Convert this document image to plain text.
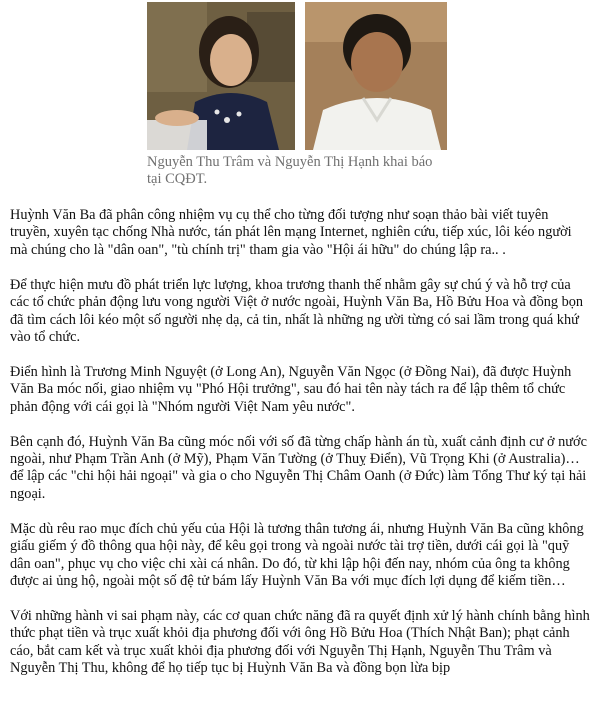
Nguyễn Thu Trâm và Nguyễn Thị Hạnh khai báo tại CQĐT.

Huỳnh Văn Ba đã phân công nhiệm vụ cụ thể cho từng đối tượng như soạn thảo bài viết tuyên truyền, xuyên tạc chống Nhà nước, tán phát lên mạng Internet, nghiên cứu, tiếp xúc, lôi kéo người mà chúng cho là "dân oan", "tù chính trị" tham gia vào "Hội ái hữu" do chúng lập ra.. .

Để thực hiện mưu đồ phát triển lực lượng, khoa trương thanh thế nhằm gây sự chú ý và hỗ trợ của các tổ chức phản động lưu vong người Việt ở nước ngoài, Huỳnh Văn Ba, Hồ Bửu Hoa và đồng bọn đã tìm cách lôi kéo một số người nhẹ dạ, cả tin, nhất là những ng ười từng có sai lầm trong quá khứ vào tổ chức.

Điển hình là Trương Minh Nguyệt (ở Long An), Nguyễn Văn Ngọc (ở Đồng Nai), đã được Huỳnh Văn Ba móc nối, giao nhiệm vụ "Phó Hội trưởng", sau đó hai tên này tách ra để lập thêm tổ chức phản động với cái gọi là "Nhóm người Việt Nam yêu nước".

Bên cạnh đó, Huỳnh Văn Ba cũng móc nối với số đã từng chấp hành án tù, xuất cảnh định cư ở nước ngoài, như Phạm Trần Anh (ở Mỹ), Phạm Văn Tường (ở Thuỵ Điển), Vũ Trọng Khi (ở Australia)… để lập các "chi hội hải ngoại" và gia o cho Nguyễn Thị Châm Oanh (ở Đức) làm Tổng Thư ký tại hải ngoại.

Mặc dù rêu rao mục đích chủ yếu của Hội là tương thân tương ái, nhưng Huỳnh Văn Ba cũng không giấu giếm ý đồ thông qua hội này, để kêu gọi trong và ngoài nước tài trợ tiền, dưới cái gọi là "quỹ dân oan", phục vụ cho việc chi xài cá nhân. Do đó, từ khi lập hội đến nay, nhóm của ông ta không được ai ủng hộ, ngoài một số đệ tử bám lấy Huỳnh Văn Ba với mục đích lợi dụng để kiếm tiền…

Với những hành vi sai phạm này, các cơ quan chức năng đã ra quyết định xử lý hành chính bằng hình thức phạt tiền và trục xuất khỏi địa phương đối với ông Hồ Bửu Hoa (Thích Nhật Ban); phạt cảnh cáo, bắt cam kết và trục xuất khỏi địa phương đối với Nguyễn Thị Hạnh, Nguyễn Thu Trâm và Nguyễn Thị Thu, không để họ tiếp tục bị Huỳnh Văn Ba và đồng bọn lừa bịp
